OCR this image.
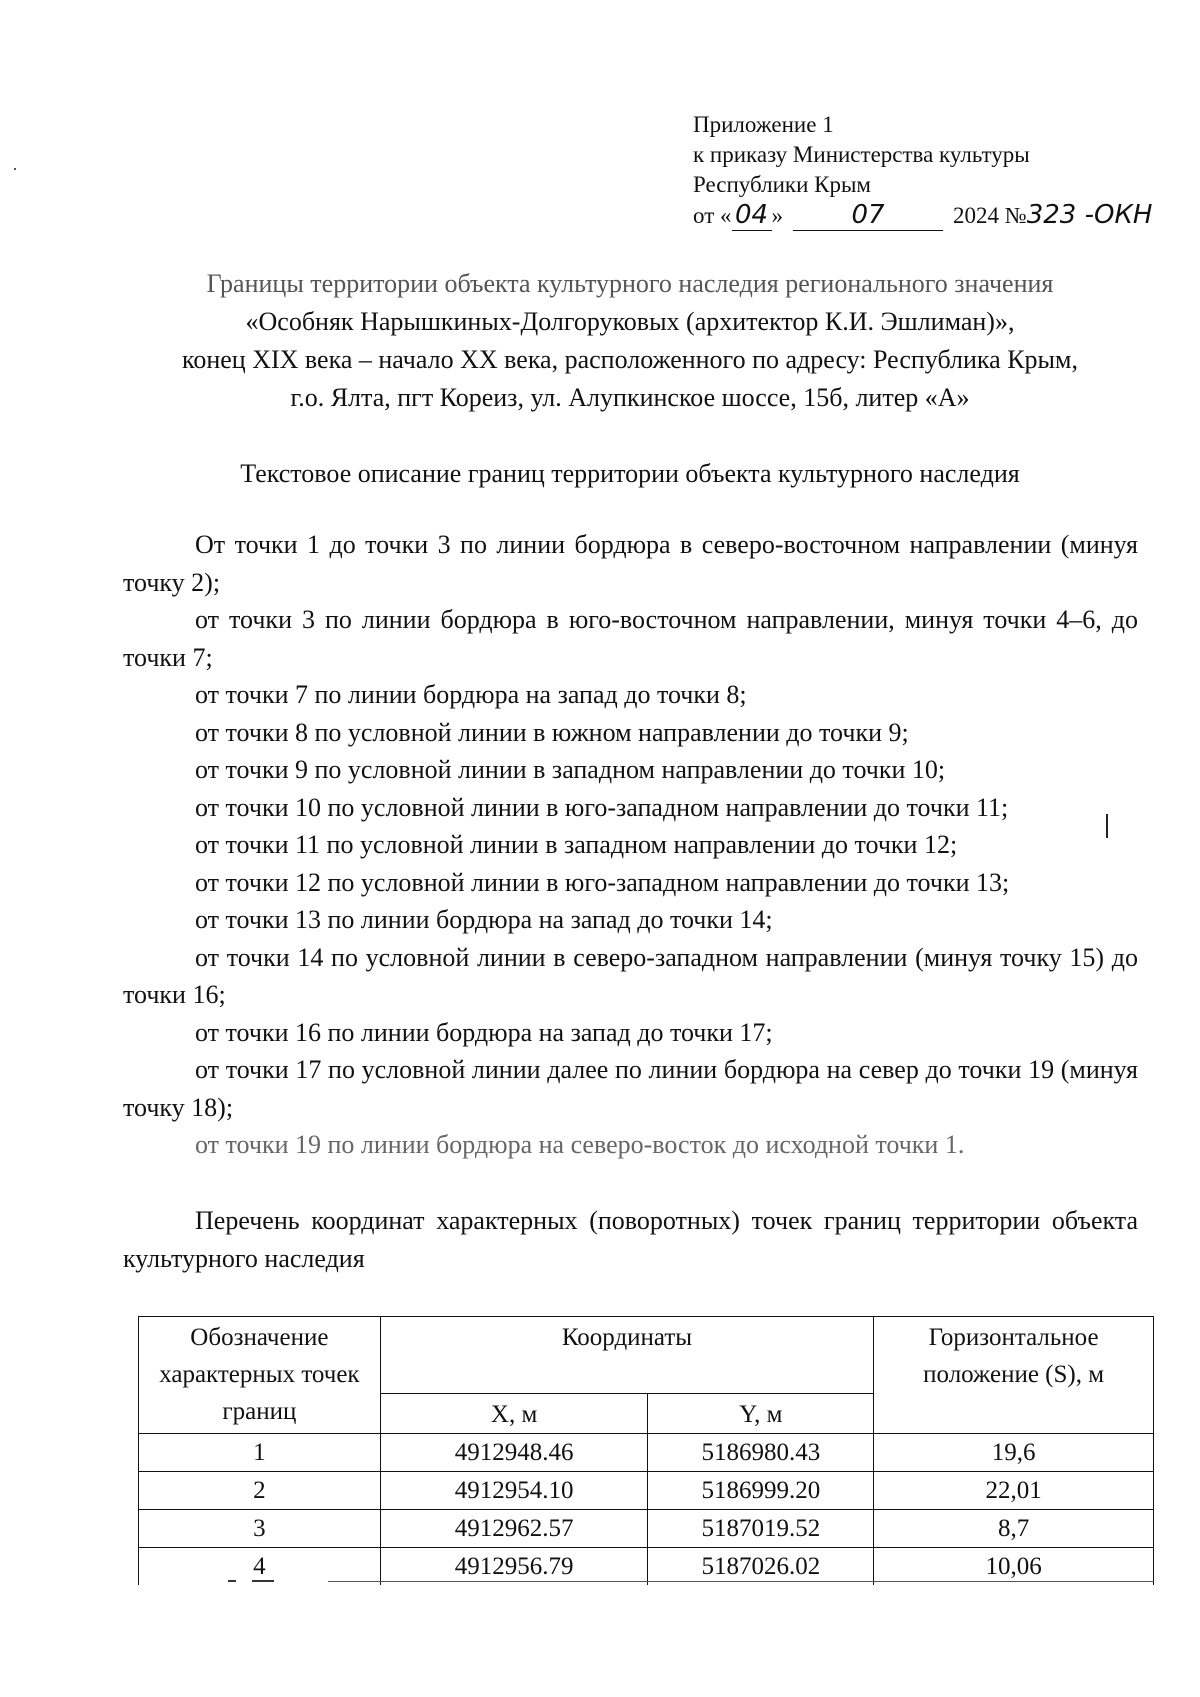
Приложение 1
к приказу Министерства культуры
Республики Крым
от « 04 »	07	2024 №323 -ОКН
Границы территории объекта культурного наследия регионального значения
«Особняк Нарышкиных-Долгоруковых (архитектор К.И. Эшлиман)»,
конец XIX века – начало XX века, расположенного по адресу: Республика Крым,
г.о. Ялта, пгт Кореиз, ул. Алупкинское шоссе, 15б, литер «А»
Текстовое описание границ территории объекта культурного наследия

От точки 1 до точки 3 по линии бордюра в северо-восточном направлении (минуя точку 2);

от точки 3 по линии бордюра в юго-восточном направлении, минуя точки 4–6, до точки 7;

от точки 7 по линии бордюра на запад до точки 8;

от точки 8 по условной линии в южном направлении до точки 9;

от точки 9 по условной линии в западном направлении до точки 10;

от точки 10 по условной линии в юго-западном направлении до точки 11;

от точки 11 по условной линии в западном направлении до точки 12;

от точки 12 по условной линии в юго-западном направлении до точки 13;

от точки 13 по линии бордюра на запад до точки 14;

от точки 14 по условной линии в северо-западном направлении (минуя точку 15) до точки 16;

от точки 16 по линии бордюра на запад до точки 17;

от точки 17 по условной линии далее по линии бордюра на север до точки 19 (минуя точку 18);

от точки 19 по линии бордюра на северо-восток до исходной точки 1.

Перечень координат характерных (поворотных) точек границ территории объекта культурного наследия
Обозначение характерных точек границ	Координаты		Горизонтальное положение (S), м
	X, м	Y, м	
1	4912948.46	5186980.43	19,6
2	4912954.10	5186999.20	22,01
3	4912962.57	5187019.52	8,7
4	4912956.79	5187026.02	10,06
